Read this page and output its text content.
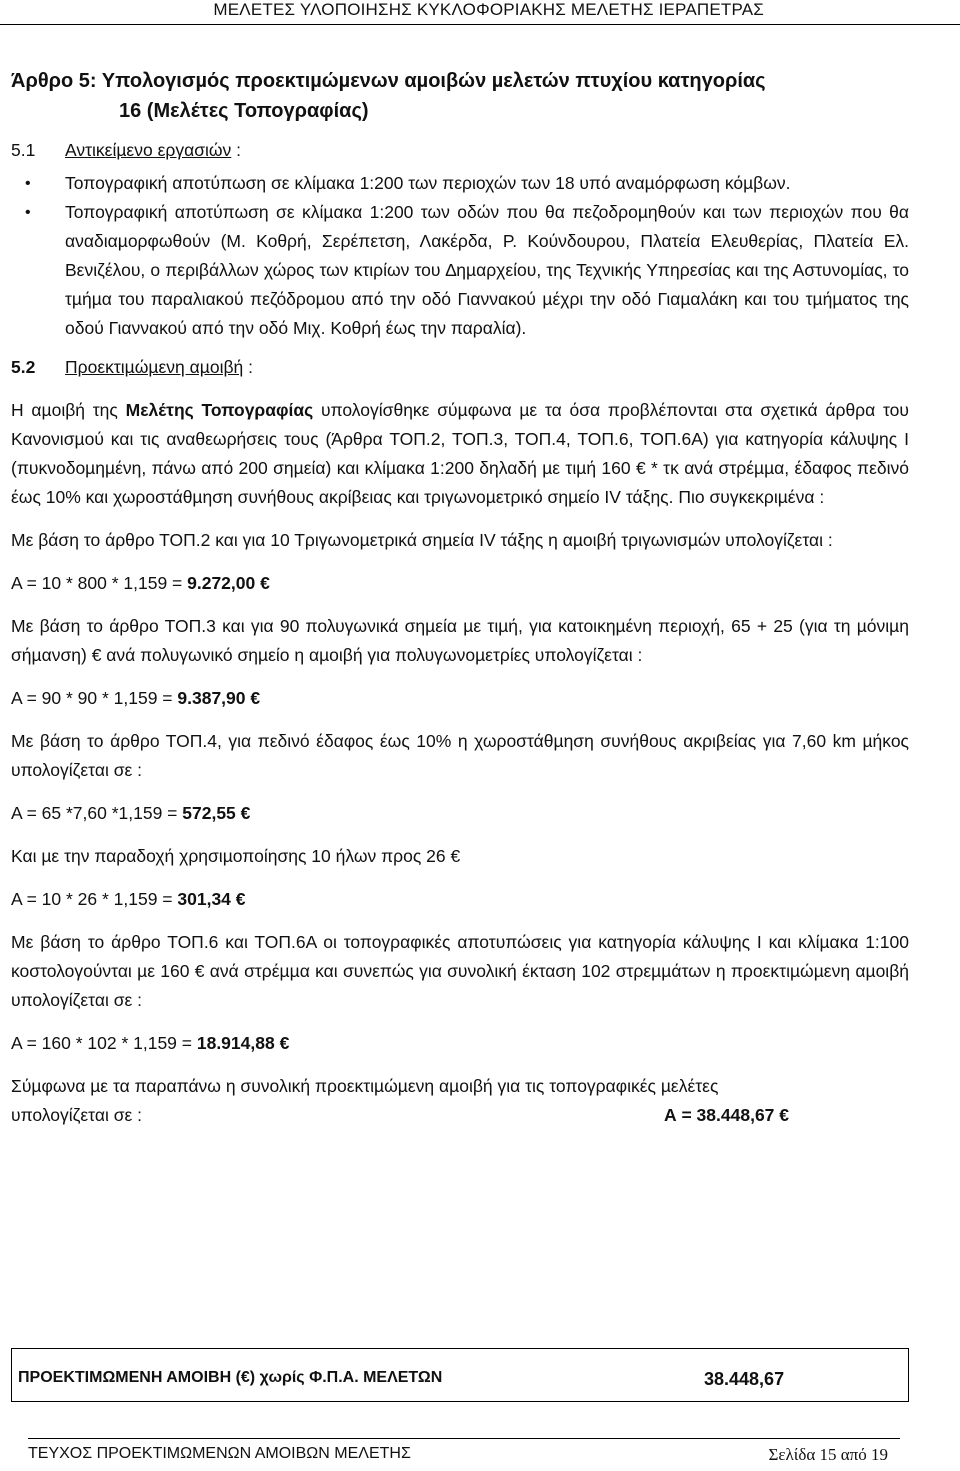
ΜΕΛΕΤΕΣ ΥΛΟΠΟΙΗΣΗΣ ΚΥΚΛΟΦΟΡΙΑΚΗΣ ΜΕΛΕΤΗΣ ΙΕΡΑΠΕΤΡΑΣ
Άρθρο 5: Υπολογισµός προεκτιµώµενων αµοιβών µελετών πτυχίου κατηγορίας
16 (Μελέτες Τοπογραφίας)
5.1 Αντικείµενο εργασιών :
• Τοπογραφική αποτύπωση σε κλίµακα 1:200 των περιοχών των 18 υπό αναµόρφωση κόµβων.
• Τοπογραφική αποτύπωση σε κλίµακα 1:200 των οδών που θα πεζοδροµηθούν και των περιοχών που θα αναδιαµορφωθούν (Μ. Κοθρή, Σερέπετση, Λακέρδα, Ρ. Κούνδουρου, Πλατεία Ελευθερίας, Πλατεία Ελ. Βενιζέλου, ο περιβάλλων χώρος των κτιρίων του ∆ηµαρχείου, της Τεχνικής Υπηρεσίας και της Αστυνοµίας, το τµήµα του παραλιακού πεζόδροµου από την οδό Γιαννακού µέχρι την οδό Γιαµαλάκη και του τµήµατος της οδού Γιαννακού από την οδό Μιχ. Κοθρή έως την παραλία).
5.2 Προεκτιµώµενη αµοιβή :

Η αµοιβή της Μελέτης Τοπογραφίας υπολογίσθηκε σύµφωνα µε τα όσα προβλέπονται στα σχετικά άρθρα του Κανονισµού και τις αναθεωρήσεις τους (Άρθρα ΤΟΠ.2, ΤΟΠ.3, ΤΟΠ.4, ΤΟΠ.6, ΤΟΠ.6Α) για κατηγορία κάλυψης Ι (πυκνοδοµηµένη, πάνω από 200 σηµεία) και κλίµακα 1:200 δηλαδή µε τιµή 160 € * τκ ανά στρέµµα, έδαφος πεδινό έως 10% και χωροστάθµηση συνήθους ακρίβειας και τριγωνοµετρικό σηµείο IV τάξης. Πιο συγκεκριµένα :

Με βάση το άρθρο ΤΟΠ.2 και για 10 Τριγωνοµετρικά σηµεία IV τάξης η αµοιβή τριγωνισµών υπολογίζεται :

Α = 10 * 800 * 1,159 = 9.272,00 €

Με βάση το άρθρο ΤΟΠ.3 και για 90 πολυγωνικά σηµεία µε τιµή, για κατοικηµένη περιοχή, 65 + 25 (για τη µόνιµη σήµανση) € ανά πολυγωνικό σηµείο η αµοιβή για πολυγωνοµετρίες υπολογίζεται :

Α = 90 * 90 * 1,159 = 9.387,90 €

Με βάση το άρθρο ΤΟΠ.4, για πεδινό έδαφος έως 10% η χωροστάθµηση συνήθους ακριβείας για 7,60 km µήκος υπολογίζεται σε :

Α = 65 *7,60 *1,159 = 572,55 €

Και µε την παραδοχή χρησιµοποίησης 10 ήλων προς 26 €

Α = 10 * 26 * 1,159 = 301,34 €

Με βάση το άρθρο ΤΟΠ.6 και ΤΟΠ.6Α οι τοπογραφικές αποτυπώσεις για κατηγορία κάλυψης Ι και κλίµακα 1:100 κοστολογούνται µε 160 € ανά στρέµµα και συνεπώς για συνολική έκταση 102 στρεµµάτων η προεκτιµώµενη αµοιβή υπολογίζεται σε :

Α = 160 * 102 * 1,159 = 18.914,88 €

Σύµφωνα µε τα παραπάνω η συνολική προεκτιµώµενη αµοιβή για τις τοπογραφικές µελέτες

υπολογίζεται σε :	Α = 38.448,67 €
ΠΡΟΕΚΤΙΜΩΜΕΝΗ ΑΜΟΙΒΗ (€) χωρίς Φ.Π.Α. ΜΕΛΕΤΩΝ	38.448,67
ΤΕΥΧΟΣ ΠΡΟΕΚΤΙΜΩΜΕΝΩΝ ΑΜΟΙΒΩΝ ΜΕΛΕΤΗΣ	Σελίδα 15 από 19
